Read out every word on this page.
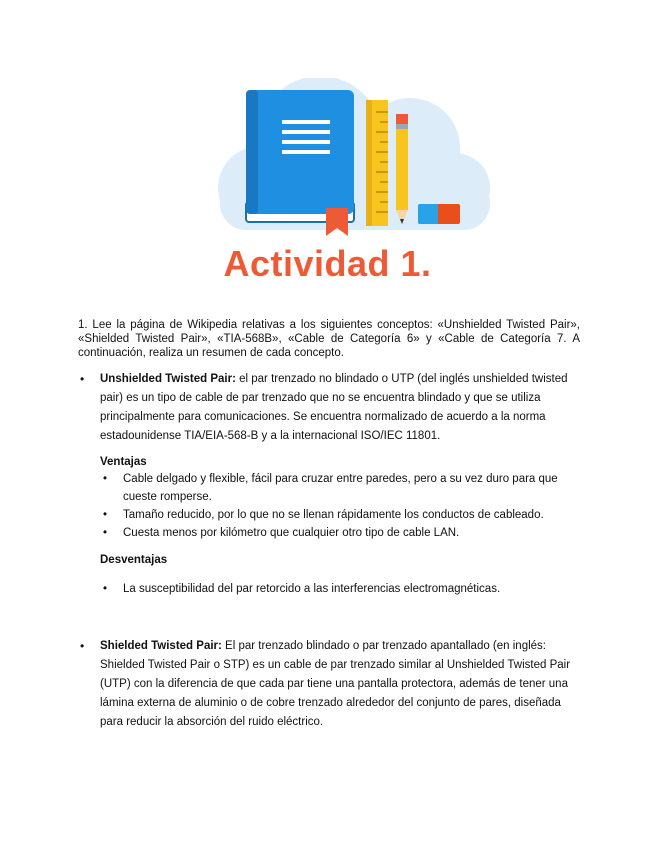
Actividad 1.
1. Lee la página de Wikipedia relativas a los siguientes conceptos: «Unshielded Twisted Pair», «Shielded Twisted Pair», «TIA-568B», «Cable de Categoría 6» y «Cable de Categoría 7. A continuación, realiza un resumen de cada concepto.
• Unshielded Twisted Pair: el par trenzado no blindado o UTP (del inglés unshielded twisted pair) es un tipo de cable de par trenzado que no se encuentra blindado y que se utiliza principalmente para comunicaciones. Se encuentra normalizado de acuerdo a la norma estadounidense TIA/EIA-568-B y a la internacional ISO/IEC 11801.
Ventajas
• Cable delgado y flexible, fácil para cruzar entre paredes, pero a su vez duro para que cueste romperse.
• Tamaño reducido, por lo que no se llenan rápidamente los conductos de cableado.
• Cuesta menos por kilómetro que cualquier otro tipo de cable LAN.
Desventajas
• La susceptibilidad del par retorcido a las interferencias electromagnéticas.
• Shielded Twisted Pair: El par trenzado blindado o par trenzado apantallado (en inglés: Shielded Twisted Pair o STP) es un cable de par trenzado similar al Unshielded Twisted Pair (UTP) con la diferencia de que cada par tiene una pantalla protectora, además de tener una lámina externa de aluminio o de cobre trenzado alrededor del conjunto de pares, diseñada para reducir la absorción del ruido eléctrico.
